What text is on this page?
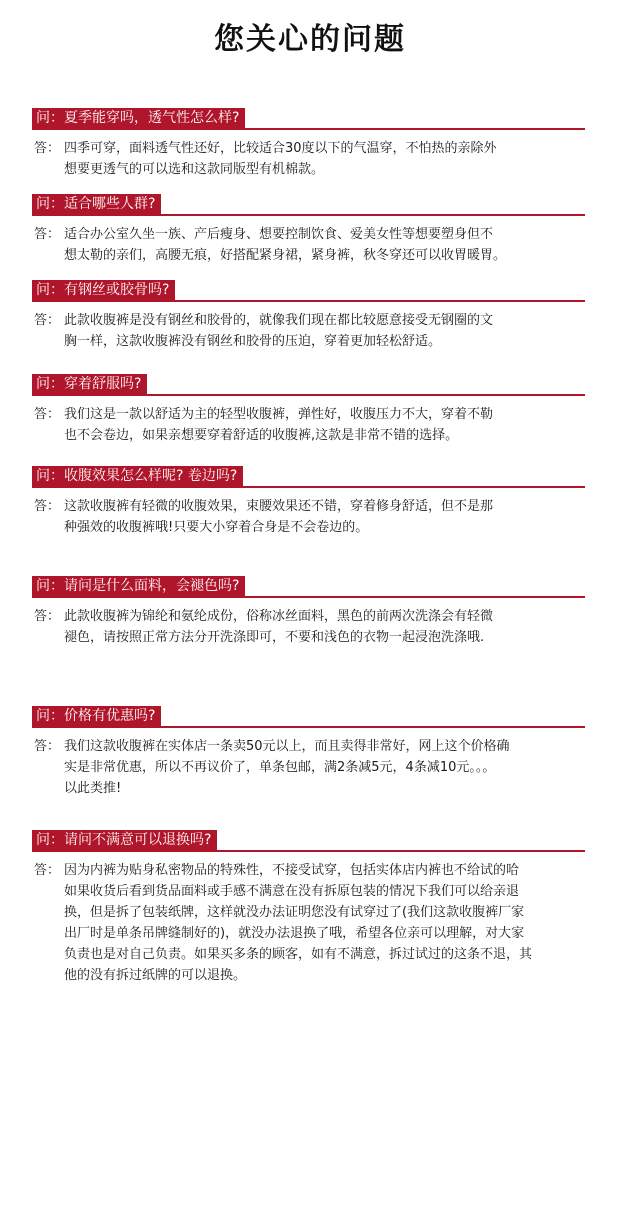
您关心的问题
问：夏季能穿吗，透气性怎么样?
答： 四季可穿，面料透气性还好，比较适合30度以下的气温穿，不怕热的亲除外
想要更透气的可以选和这款同版型有机棉款。
问：适合哪些人群?
答： 适合办公室久坐一族、产后瘦身、想要控制饮食、爱美女性等想要塑身但不
想太勒的亲们，高腰无痕，好搭配紧身裙，紧身裤，秋冬穿还可以收胃暖胃。
问：有钢丝或胶骨吗?
答： 此款收腹裤是没有钢丝和胶骨的，就像我们现在都比较愿意接受无钢圈的文
胸一样，这款收腹裤没有钢丝和胶骨的压迫，穿着更加轻松舒适。
问：穿着舒服吗?
答： 我们这是一款以舒适为主的轻型收腹裤，弹性好，收腹压力不大，穿着不勒
也不会卷边，如果亲想要穿着舒适的收腹裤,这款是非常不错的选择。
问：收腹效果怎么样呢? 卷边吗?
答： 这款收腹裤有轻微的收腹效果，束腰效果还不错，穿着修身舒适，但不是那
种强效的收腹裤哦!只要大小穿着合身是不会卷边的。
问：请问是什么面料，会褪色吗?
答： 此款收腹裤为锦纶和氨纶成份，俗称冰丝面料，黑色的前两次洗涤会有轻微
褪色，请按照正常方法分开洗涤即可，不要和浅色的衣物一起浸泡洗涤哦.
问：价格有优惠吗?
答： 我们这款收腹裤在实体店一条卖50元以上，而且卖得非常好，网上这个价格确
实是非常优惠，所以不再议价了，单条包邮，满2条减5元，4条减10元。。。
以此类推!
问：请问不满意可以退换吗?
答： 因为内裤为贴身私密物品的特殊性，不接受试穿，包括实体店内裤也不给试的哈
如果收货后看到货品面料或手感不满意在没有拆原包装的情况下我们可以给亲退
换，但是拆了包装纸牌，这样就没办法证明您没有试穿过了(我们这款收腹裤厂家
出厂时是单条吊牌缝制好的)，就没办法退换了哦，希望各位亲可以理解，对大家
负责也是对自己负责。如果买多条的顾客，如有不满意，拆过试过的这条不退，其
他的没有拆过纸牌的可以退换。
